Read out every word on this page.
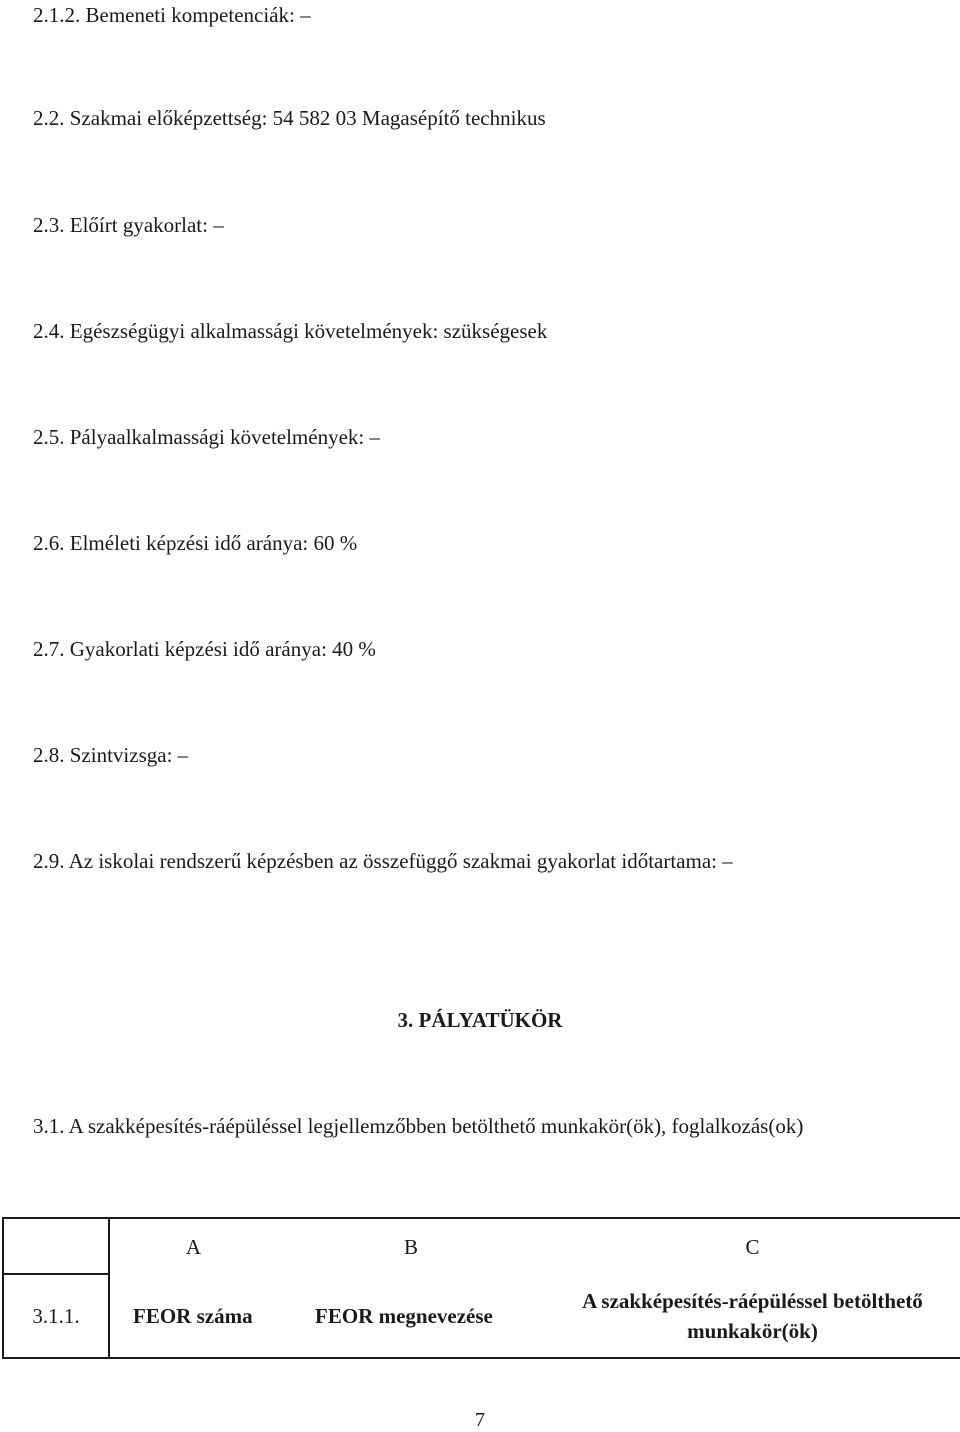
2.1.2. Bemeneti kompetenciák: –
2.2. Szakmai előképzettség: 54 582 03 Magasépítő technikus
2.3. Előírt gyakorlat: –
2.4. Egészségügyi alkalmassági követelmények: szükségesek
2.5. Pályaalkalmassági követelmények: –
2.6. Elméleti képzési idő aránya: 60 %
2.7. Gyakorlati képzési idő aránya: 40 %
2.8. Szintvizsga: –
2.9. Az iskolai rendszerű képzésben az összefüggő szakmai gyakorlat időtartama: –
3. PÁLYATÜKÖR
3.1. A szakképesítés-ráépüléssel legjellemzőbben betölthető munkakör(ök), foglalkozás(ok)
	A	B	C
3.1.1.	FEOR száma	FEOR megnevezése	A szakképesítés-ráépüléssel betölthető munkakör(ök)
7
